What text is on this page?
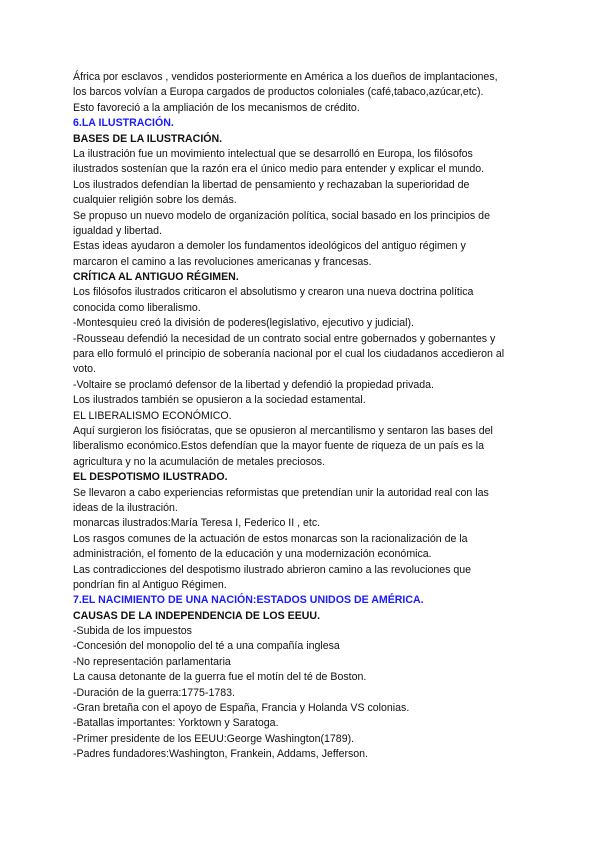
África por esclavos , vendidos posteriormente en América a los dueños de implantaciones,
los barcos volvían a Europa cargados de productos coloniales (café,tabaco,azúcar,etc).
Esto favoreció a la ampliación de los mecanismos de crédito.
6.LA ILUSTRACIÓN.
BASES DE LA ILUSTRACIÓN.
La ilustración fue un movimiento intelectual que se desarrolló en Europa, los filósofos
ilustrados sostenían que la razón era el único medio para entender y explicar el mundo.
Los ilustrados defendían la libertad de pensamiento y rechazaban la superioridad de
cualquier religión sobre los demás.
Se propuso un nuevo modelo de organización política, social basado en los principios de
igualdad y libertad.
Estas ideas ayudaron a demoler los fundamentos ideológicos del antiguo régimen y
marcaron el camino a las revoluciones americanas y francesas.
CRÍTICA AL ANTIGUO RÉGIMEN.
Los filósofos ilustrados criticaron el absolutismo y crearon una nueva doctrina política
conocida como liberalismo.
-Montesquieu creó la división de poderes(legislativo, ejecutivo y judicial).
-Rousseau defendió la necesidad de un contrato social entre gobernados y gobernantes y
para ello formuló el principio de soberanía nacional por el cual los ciudadanos accedieron al
voto.
-Voltaire se proclamó defensor de la libertad y defendió la propiedad privada.
Los ilustrados también se opusieron a la sociedad estamental.
EL LIBERALISMO ECONÓMICO.
Aquí surgieron los fisiócratas, que se opusieron al mercantilismo y sentaron las bases del
liberalismo económico.Estos defendían que la mayor fuente de riqueza de un país es la
agricultura y no la acumulación de metales preciosos.
EL DESPOTISMO ILUSTRADO.
Se llevaron a cabo experiencias reformistas que pretendían unir la autoridad real con las
ideas de la ilustración.
monarcas ilustrados:María Teresa I, Federico II , etc.
Los rasgos comunes de la actuación de estos monarcas son la racionalización de la
administración, el fomento de la educación y una modernización económica.
Las contradicciones del despotismo ilustrado abrieron camino a las revoluciones que
pondrían fin al Antiguo Régimen.
7.EL NACIMIENTO DE UNA NACIÓN:ESTADOS UNIDOS DE AMÉRICA.
CAUSAS DE LA INDEPENDENCIA DE LOS EEUU.
-Subida de los impuestos
-Concesión del monopolio del té a una compañía inglesa
-No representación parlamentaria
La causa detonante de la guerra fue el motín del té de Boston.
-Duración de la guerra:1775-1783.
-Gran bretaña con el apoyo de España, Francia y Holanda VS colonias.
-Batallas importantes: Yorktown y Saratoga.
-Primer presidente de los EEUU:George Washington(1789).
-Padres fundadores:Washington, Frankein, Addams, Jefferson.
